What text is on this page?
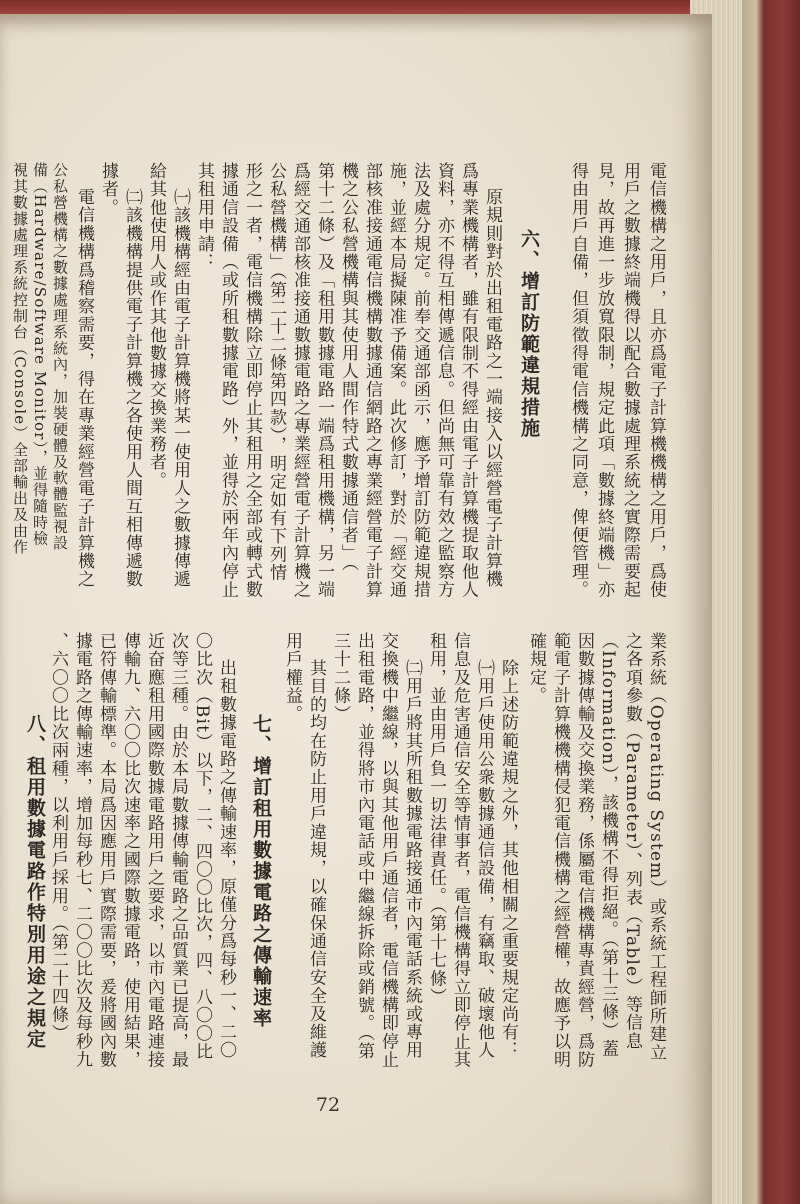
電信機構之用戶，且亦爲電子計算機機構之用戶，爲使
用戶之數據終端機得以配合數據處理系統之實際需要起
見，故再進一步放寬限制，規定此項「數據終端機」亦
得由用戶自備，但須徵得電信機構之同意，俾便管理。
六、增訂防範違規措施
原規則對於出租電路之一端接入以經營電子計算機
爲專業機構者，雖有限制不得經由電子計算機提取他人
資料，亦不得互相傳遞信息。但尚無可靠有效之監察方
法及處分規定。前奉交通部函示，應予增訂防範違規措
施，並經本局擬陳准予備案。此次修訂，對於「經交通
部核准接通電信機構數據通信網路之專業經營電子計算
機之公私營機構與其使用人間作特式數據通信者」（
第十二條）及「租用數據電路一端爲租用機構，另一端
爲經交通部核准接通數據電路之專業經營電子計算機之
公私營機構」（第二十二條第四款），明定如有下列情
形之一者，電信機構除立即停止其租用之全部或轉式數
據通信設備（或所租數據電路）外，並得於兩年內停止
其租用申請：
㈠該機構經由電子計算機將某一使用人之數據傳遞
給其他使用人或作其他數據交換業務者。
㈡該機構提供電子計算機之各使用人間互相傳遞數
據者。
電信機構爲稽察需要，得在專業經營電子計算機之
公私營機構之數據處理系統內，加裝硬體及軟體監視設
備（Hardware/Software Monitor），並得隨時檢
視其數據處理系統控制台（Console）全部輸出及由作
業系統（Operating System）或系統工程師所建立
之各項參數（Parameter）、列表（Table）等信息
（Information），該機構不得拒絕。（第十三條）蓋
因數據傳輸及交換業務，係屬電信機構專責經營，爲防
範電子計算機機構侵犯電信機構之經營權，故應予以明
確規定。
除上述防範違規之外，其他相關之重要規定尚有：
㈠用戶使用公衆數據通信設備，有竊取、破壞他人
信息及危害通信安全等情事者，電信機構得立即停止其
租用，並由用戶負一切法律責任。（第十七條）
㈡用戶將其所租數據電路接通市內電話系統或專用
交換機中繼線，以與其他用戶通信者，電信機構即停止
出租電路，並得將市內電話或中繼線拆除或銷號。（第
三十二條）
其目的均在防止用戶違規，以確保通信安全及維護
用戶權益。
七、增訂租用數據電路之傳輸速率
出租數據電路之傳輸速率，原僅分爲每秒一、二〇
〇比次（Bit）以下，二、四〇〇比次，四、八〇〇比
次等三種。由於本局數據傳輸電路之品質業已提高，最
近奋應租用國際數據電路用戶之要求，以市內電路連接
傳輸九、六〇〇比次速率之國際數據電路，使用結果，
已符傳輸標準。本局爲因應用戶實際需要，爰將國內數
據電路之傳輸速率，增加每秒七、二〇〇比次及每秒九
、六〇〇比次兩種，以利用戶採用。（第二十四條）
八、租用數據電路作特別用途之規定
72
